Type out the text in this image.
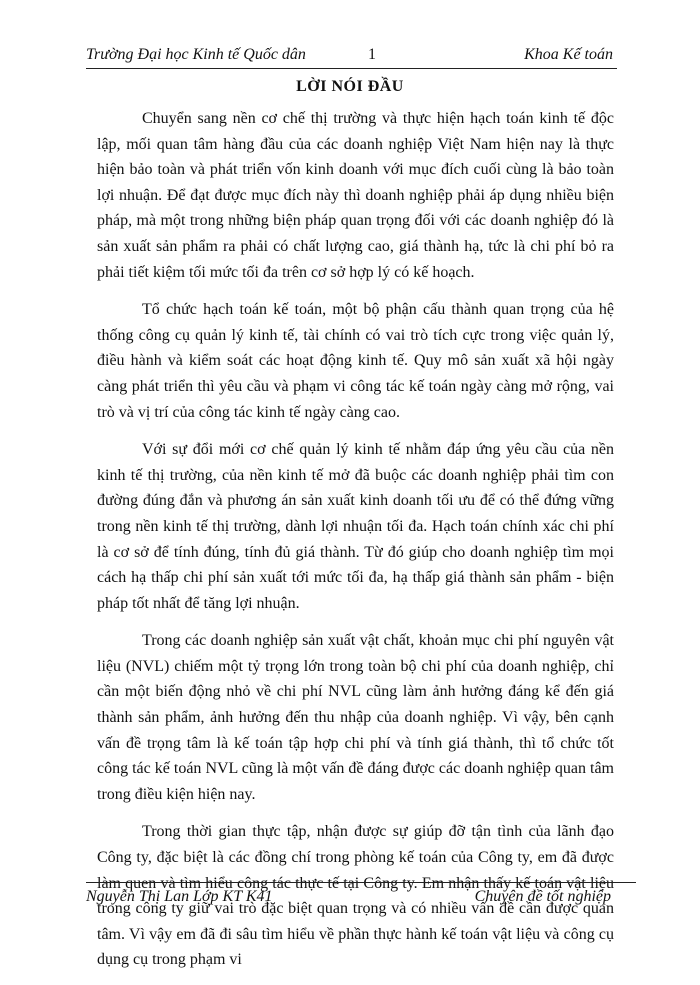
Trường Đại học Kinh tế Quốc dân	1	Khoa Kế toán
LỜI NÓI ĐẦU

Chuyển sang nền cơ chế thị trường và thực hiện hạch toán kinh tế độc lập, mối quan tâm hàng đầu của các doanh nghiệp Việt Nam hiện nay là thực hiện bảo toàn và phát triển vốn kinh doanh với mục đích cuối cùng là bảo toàn lợi nhuận. Để đạt được mục đích này thì doanh nghiệp phải áp dụng nhiều biện pháp, mà một trong những biện pháp quan trọng đối với các doanh nghiệp đó là sản xuất sản phẩm ra phải có chất lượng cao, giá thành hạ, tức là chi phí bỏ ra phải tiết kiệm tối mức tối đa trên cơ sở hợp lý có kế hoạch.

Tổ chức hạch toán kế toán, một bộ phận cấu thành quan trọng của hệ thống công cụ quản lý kinh tế, tài chính có vai trò tích cực trong việc quản lý, điều hành và kiểm soát các hoạt động kinh tế. Quy mô sản xuất xã hội ngày càng phát triển thì yêu cầu và phạm vi công tác kế toán ngày càng mở rộng, vai trò và vị trí của công tác kinh tế ngày càng cao.

Với sự đổi mới cơ chế quản lý kinh tế nhằm đáp ứng yêu cầu của nền kinh tế thị trường, của nền kinh tế mở đã buộc các doanh nghiệp phải tìm con đường đúng đắn và phương án sản xuất kinh doanh tối ưu để có thể đứng vững trong nền kinh tế thị trường, dành lợi nhuận tối đa. Hạch toán chính xác chi phí là cơ sở để tính đúng, tính đủ giá thành. Từ đó giúp cho doanh nghiệp tìm mọi cách hạ thấp chi phí sản xuất tới mức tối đa, hạ thấp giá thành sản phẩm - biện pháp tốt nhất để tăng lợi nhuận.

Trong các doanh nghiệp sản xuất vật chất, khoản mục chi phí nguyên vật liệu (NVL) chiếm một tỷ trọng lớn trong toàn bộ chi phí của doanh nghiệp, chỉ cần một biến động nhỏ về chi phí NVL cũng làm ảnh hưởng đáng kể đến giá thành sản phẩm, ảnh hưởng đến thu nhập của doanh nghiệp. Vì vậy, bên cạnh vấn đề trọng tâm là kế toán tập hợp chi phí và tính giá thành, thì tổ chức tốt công tác kế toán NVL cũng là một vấn đề đáng được các doanh nghiệp quan tâm trong điều kiện hiện nay.

Trong thời gian thực tập, nhận được sự giúp đỡ tận tình của lãnh đạo Công ty, đặc biệt là các đồng chí trong phòng kế toán của Công ty, em đã được làm quen và tìm hiểu công tác thực tế tại Công ty. Em nhận thấy kế toán vật liệu trong công ty giữ vai trò đặc biệt quan trọng và có nhiều vấn đề cần được quan tâm. Vì vậy em đã đi sâu tìm hiểu về phần thực hành kế toán vật liệu và công cụ dụng cụ trong phạm vi

Nguyễn Thị Lan Lớp KT K41	Chuyên đề tốt nghiệp
